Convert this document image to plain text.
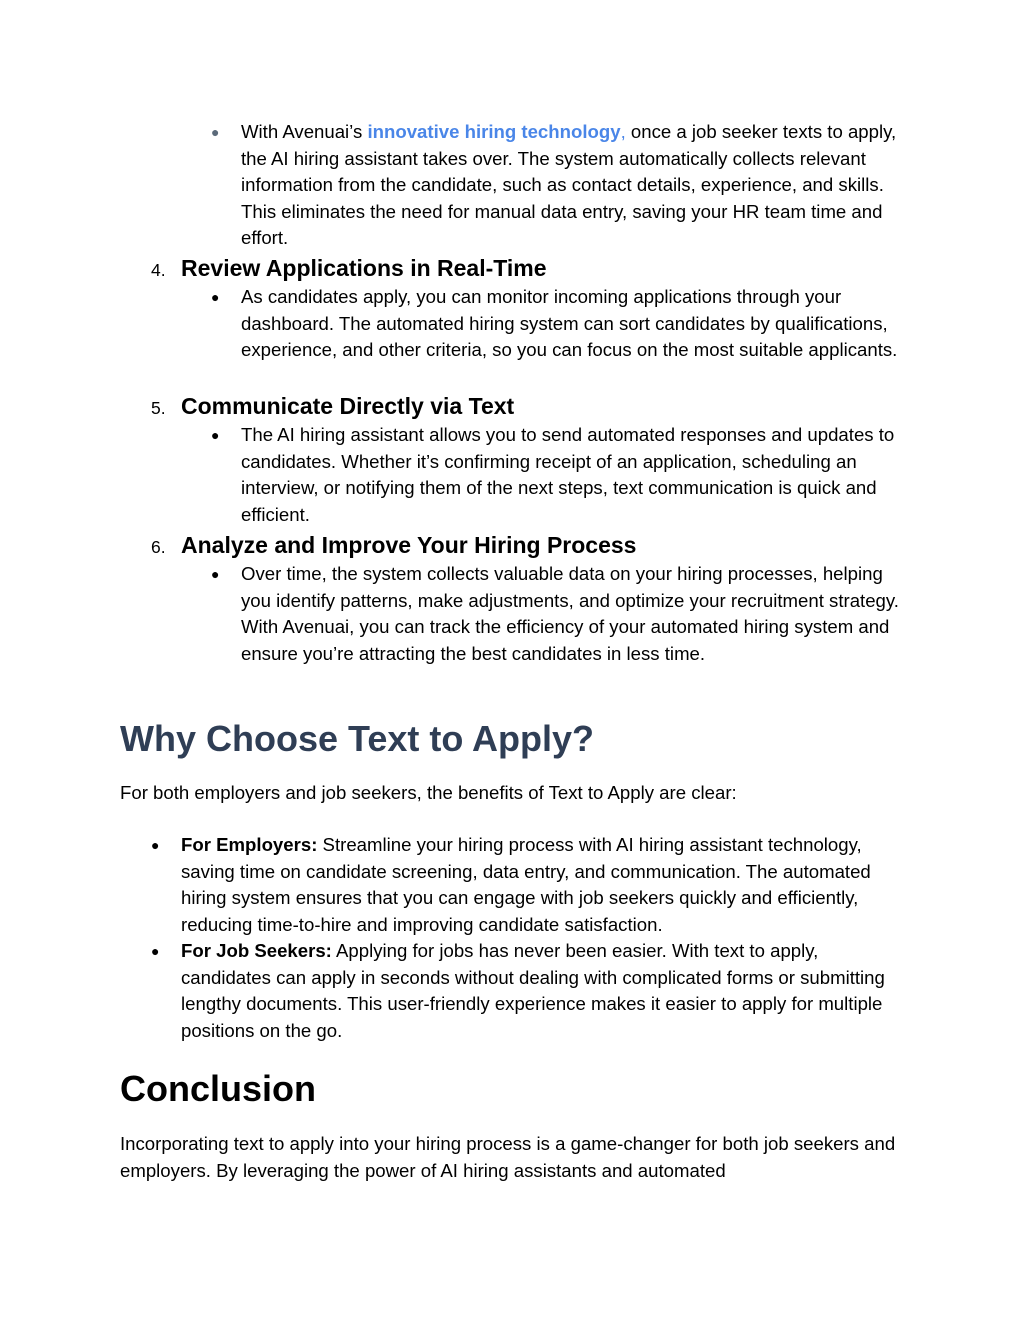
● With Avenuai’s innovative hiring technology, once a job seeker texts to apply, the AI hiring assistant takes over. The system automatically collects relevant information from the candidate, such as contact details, experience, and skills. This eliminates the need for manual data entry, saving your HR team time and effort.
4. Review Applications in Real-Time
● As candidates apply, you can monitor incoming applications through your dashboard. The automated hiring system can sort candidates by qualifications, experience, and other criteria, so you can focus on the most suitable applicants.
5. Communicate Directly via Text
● The AI hiring assistant allows you to send automated responses and updates to candidates. Whether it’s confirming receipt of an application, scheduling an interview, or notifying them of the next steps, text communication is quick and efficient.
6. Analyze and Improve Your Hiring Process
● Over time, the system collects valuable data on your hiring processes, helping you identify patterns, make adjustments, and optimize your recruitment strategy. With Avenuai, you can track the efficiency of your automated hiring system and ensure you’re attracting the best candidates in less time.
Why Choose Text to Apply?
For both employers and job seekers, the benefits of Text to Apply are clear:
● For Employers: Streamline your hiring process with AI hiring assistant technology, saving time on candidate screening, data entry, and communication. The automated hiring system ensures that you can engage with job seekers quickly and efficiently, reducing time-to-hire and improving candidate satisfaction.
● For Job Seekers: Applying for jobs has never been easier. With text to apply, candidates can apply in seconds without dealing with complicated forms or submitting lengthy documents. This user-friendly experience makes it easier to apply for multiple positions on the go.
Conclusion
Incorporating text to apply into your hiring process is a game-changer for both job seekers and employers. By leveraging the power of AI hiring assistants and automated
